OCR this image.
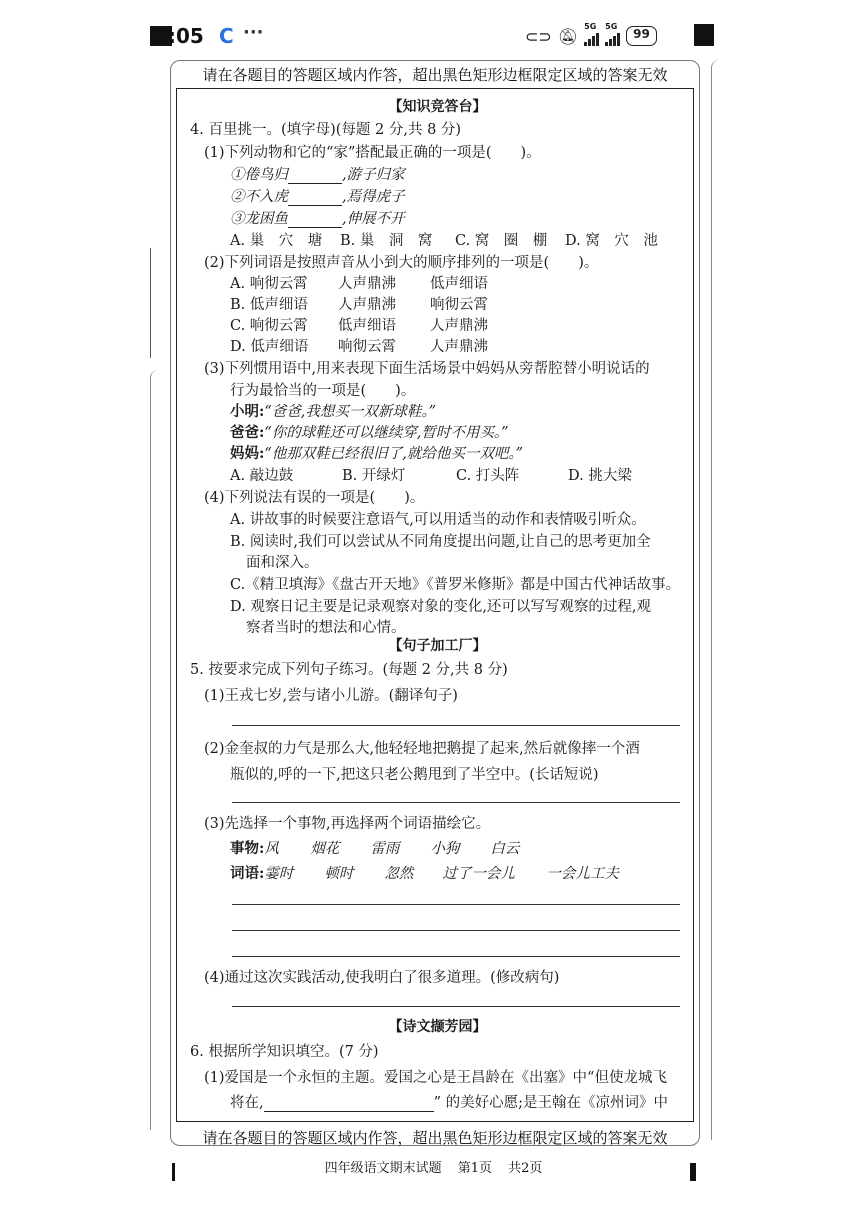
:05 C ···	⊂⊃ 🔕︎ 5G 5G
99
请在各题目的答题区域内作答，超出黑色矩形边框限定区域的答案无效
请在各题目的答题区域内作答，超出黑色矩形边框限定区域的答案无效
【知识竞答台】
4. 百里挑一。(填字母)(每题 2 分,共 8 分)
(1)下列动物和它的“家”搭配最正确的一项是(　　)。
①倦鸟归	,游子归家
②不入虎	,焉得虎子
③龙困鱼	,伸展不开
A. 巢　穴　塘 B. 巢　洞　窝 C. 窝　圈　棚 D. 窝　穴　池
(2)下列词语是按照声音从小到大的顺序排列的一项是(　　)。
A. 响彻云霄 人声鼎沸 低声细语
B. 低声细语 人声鼎沸 响彻云霄
C. 响彻云霄 低声细语 人声鼎沸
D. 低声细语 响彻云霄 人声鼎沸
(3)下列惯用语中,用来表现下面生活场景中妈妈从旁帮腔替小明说话的
行为最恰当的一项是(　　)。
小明:“爸爸,我想买一双新球鞋。”
爸爸:“你的球鞋还可以继续穿,暂时不用买。”
妈妈:“他那双鞋已经很旧了,就给他买一双吧。”
A. 敲边鼓	B. 开绿灯	C. 打头阵	D. 挑大梁
(4)下列说法有误的一项是(　　)。
A. 讲故事的时候要注意语气,可以用适当的动作和表情吸引听众。
B. 阅读时,我们可以尝试从不同角度提出问题,让自己的思考更加全
面和深入。
C.《精卫填海》《盘古开天地》《普罗米修斯》都是中国古代神话故事。
D. 观察日记主要是记录观察对象的变化,还可以写写观察的过程,观
察者当时的想法和心情。
【句子加工厂】
5. 按要求完成下列句子练习。(每题 2 分,共 8 分)
(1)王戎七岁,尝与诸小儿游。(翻译句子)
(2)金奎叔的力气是那么大,他轻轻地把鹅提了起来,然后就像摔一个酒
瓶似的,呼的一下,把这只老公鹅甩到了半空中。(长话短说)
(3)先选择一个事物,再选择两个词语描绘它。
事物:风 烟花 雷雨 小狗 白云
词语:霎时 顿时 忽然 过了一会儿 一会儿工夫
(4)通过这次实践活动,使我明白了很多道理。(修改病句)
【诗文撷芳园】
6. 根据所学知识填空。(7 分)
(1)爱国是一个永恒的主题。爱国之心是王昌龄在《出塞》中“但使龙城飞
将在,	” 的美好心愿;是王翰在《凉州词》中
四年级语文期末试题 第1页 共2页
